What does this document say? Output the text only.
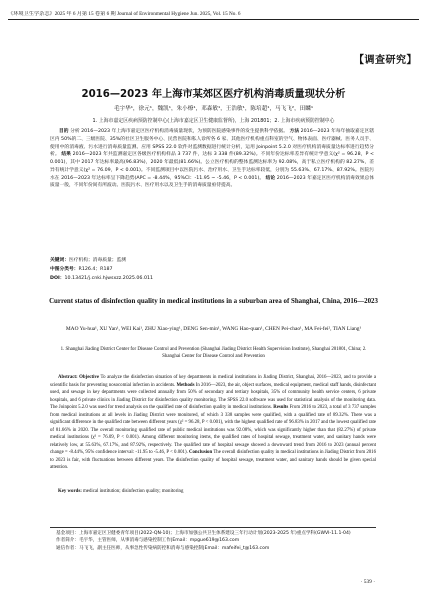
《环境卫生学杂志》2025 年 6 月第 15 卷第 6 期 Journal of Environmental Hygiene Jun. 2025, Vol. 15 No. 6
【调查研究】
2016—2023 年上海市某郊区医疗机构消毒质量现状分析
毛宇华¹，徐元¹，魏凯¹，朱小燎¹，邓森敏¹，王浩敏¹，陈培超¹，马飞飞²，田麟¹
1. 上海市嘉定区疾病预防控制中心(上海市嘉定区卫生健康监督所)，上海 201801；2. 上海市疾病预防控制中心

目的 分析 2016—2023 年上海市嘉定区医疗机构消毒质量现状，为预防医院感染事件的发生提供科学依据。 方法 2016—2023 年每年抽取嘉定区辖区内 50%的二、三级医院、35%的社区卫生服务中心、民营医院和私人诊所各 6 家、其他医疗机构重点科室的空气、物体表面、医疗器械、医务人员手、使用中的消毒液、污水进行消毒质量监测。应用 SPSS 22.0 软件对监测数据进行统计分析，运用 Joinpoint 5.2.0 对医疗机构消毒质量达标率进行趋势分析。 结果 2016—2023 年共监测嘉定区各级医疗机构样品 3 737 件，达标 3 338 件(89.32%)。不同年份达标率差异有统计学意义(χ² = 96.28，P < 0.001)，其中 2017 年达标率最高(96.83%)，2020 年最低(81.66%)。公立医疗机构的整体监测达标率为 92.08%，高于私立医疗机构的 82.27%，差异有统计学意义(χ² = 76.09，P < 0.001)。不同监测项目中以医院污水、治疗用水、卫生手达标率较低，分别为 55.63%、67.17%、87.92%。医院污水在 2016—2023 年达标率呈下降趋势(APC = -8.44%，95%CI：-11.95 ~ -5.46，P < 0.001)。 结论 2016—2023 年嘉定区医疗机构消毒效果总体质量一般，不同年份间有所波动。医院污水、医疗用水以及卫生手的消毒质量亟待提高。

关键词：医疗机构；消毒质量；监测
中图分类号：R126.4；R187
DOI：10.13421/j.cnki.hjwsxzz.2025.06.011
Current status of disinfection quality in medical institutions in a suburban area of Shanghai, China, 2016—2023
MAO Yu-hua¹, XU Yan¹, WEI Kai¹, ZHU Xiao-ying¹, DENG Sen-min¹, WANG Hao-quan¹, CHEN Pei-chao¹, MA Fei-fei², TIAN Liang¹
1. Shanghai Jiading District Center for Disease Control and Prevention (Shanghai Jiading District Health Supervision Institute), Shanghai 201801, China; 2. Shanghai Center for Disease Control and Prevention

Abstract: Objective To analyze the disinfection situation of key departments in medical institutions in Jiading District, Shanghai, 2016—2023, and to provide a scientific basis for preventing nosocomial infection in accidents. Methods In 2016—2023, the air, object surfaces, medical equipment, medical staff hands, disinfectant used, and sewage in key departments were collected annually from 50% of secondary and tertiary hospitals, 35% of community health service centers, 6 private hospitals, and 6 private clinics in Jiading District for disinfection quality monitoring. The SPSS 22.0 software was used for statistical analysis of the monitoring data. The Joinpoint 5.2.0 was used for trend analysis on the qualified rate of disinfection quality in medical institutions. Results From 2016 to 2023, a total of 3 737 samples from medical institutions at all levels in Jiading District were monitored, of which 3 338 samples were qualified, with a qualified rate of 89.32%. There was a significant difference in the qualified rate between different years (χ² = 96.28, P < 0.001), with the highest qualified rate of 96.83% in 2017 and the lowest qualified rate of 81.66% in 2020. The overall monitoring qualified rate of public medical institutions was 92.08%, which was significantly higher than that (82.27%) of private medical institutions (χ² = 76.09, P < 0.001). Among different monitoring items, the qualified rates of hospital sewage, treatment water, and sanitary hands were relatively low, at 55.63%, 67.17%, and 87.92%, respectively. The qualified rate of hospital sewage showed a downward trend from 2016 to 2023 (annual percent change = -8.44%, 95% confidence interval: -11.95 to -5.46, P < 0.001). Conclusion The overall disinfection quality in medical institutions in Jiading District from 2016 to 2023 is fair, with fluctuations between different years. The disinfection quality of hospital sewage, treatment water, and sanitary hands should be given special attention.

Key words: medical institution; disinfection quality; monitoring

基金项目：上海市嘉定区卫健委青年项目(2022-QN-10)；上海市加强公共卫生体系建设三年行动计划(2023-2025 年)重点学科(GWVI-11.1-04)

作者简介：毛宇华，主管医师，从事消毒与感染控制工作|Email：mpgue619@163.com

通信作者：马飞飞，副主任医师，从事急性传染病防控和消毒与感染控制|Email：mafeifei_t@163.com

· 539 ·
